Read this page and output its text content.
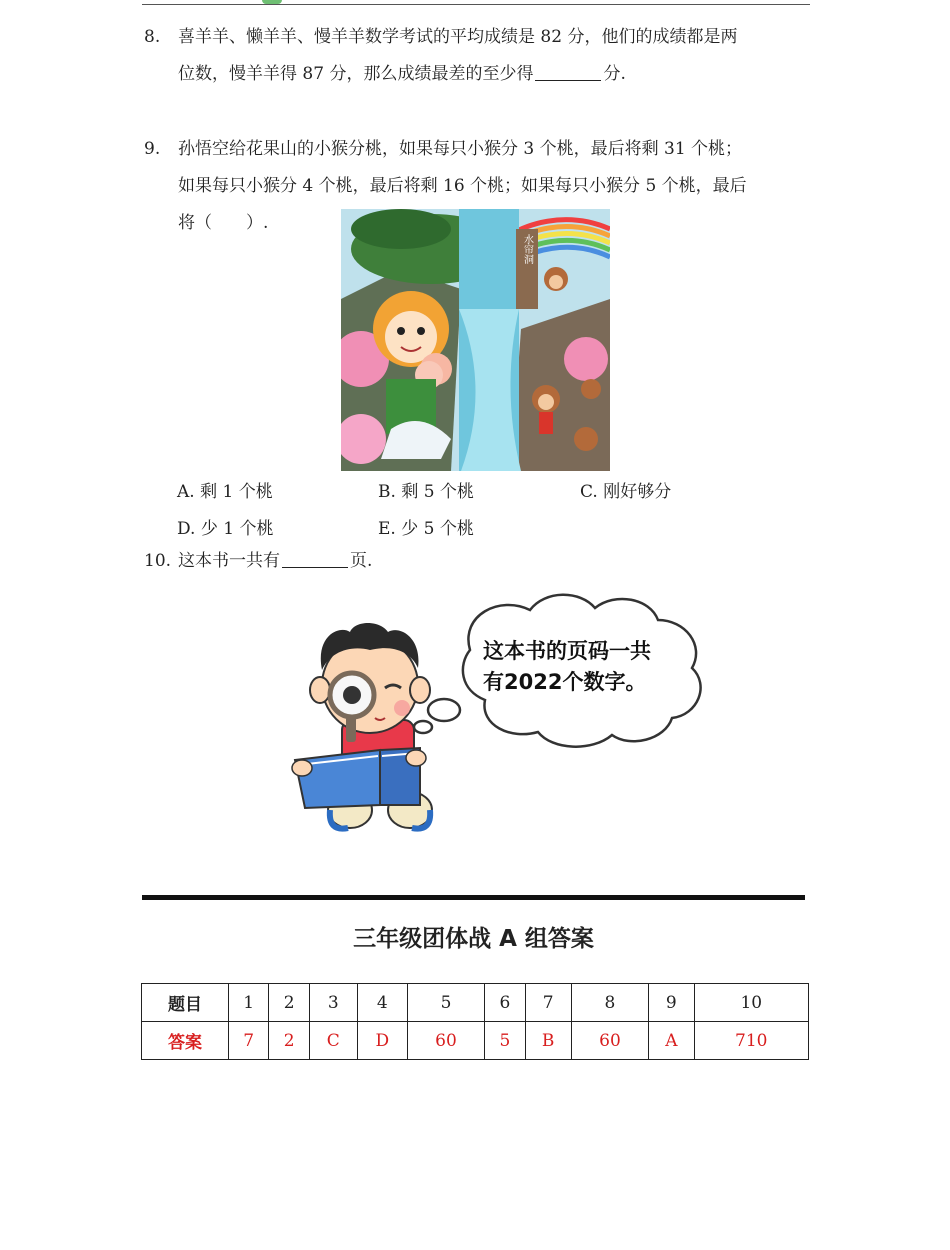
8. 喜羊羊、懒羊羊、慢羊羊数学考试的平均成绩是 82 分，他们的成绩都是两
位数，慢羊羊得 87 分，那么成绩最差的至少得	分.
9. 孙悟空给花果山的小猴分桃，如果每只小猴分 3 个桃，最后将剩 31 个桃；
如果每只小猴分 4 个桃，最后将剩 16 个桃；如果每只小猴分 5 个桃，最后
将（　　）.
水帘洞
A. 剩 1 个桃	B. 剩 5 个桃	C. 刚好够分
D. 少 1 个桃	E. 少 5 个桃
10. 这本书一共有	页.
这本书的页码一共
有2022个数字。
三年级团体战 A 组答案
题目	1	2	3	4	5	6	7	8	9	10
答案	7	2	C	D	60	5	B	60	A	710
